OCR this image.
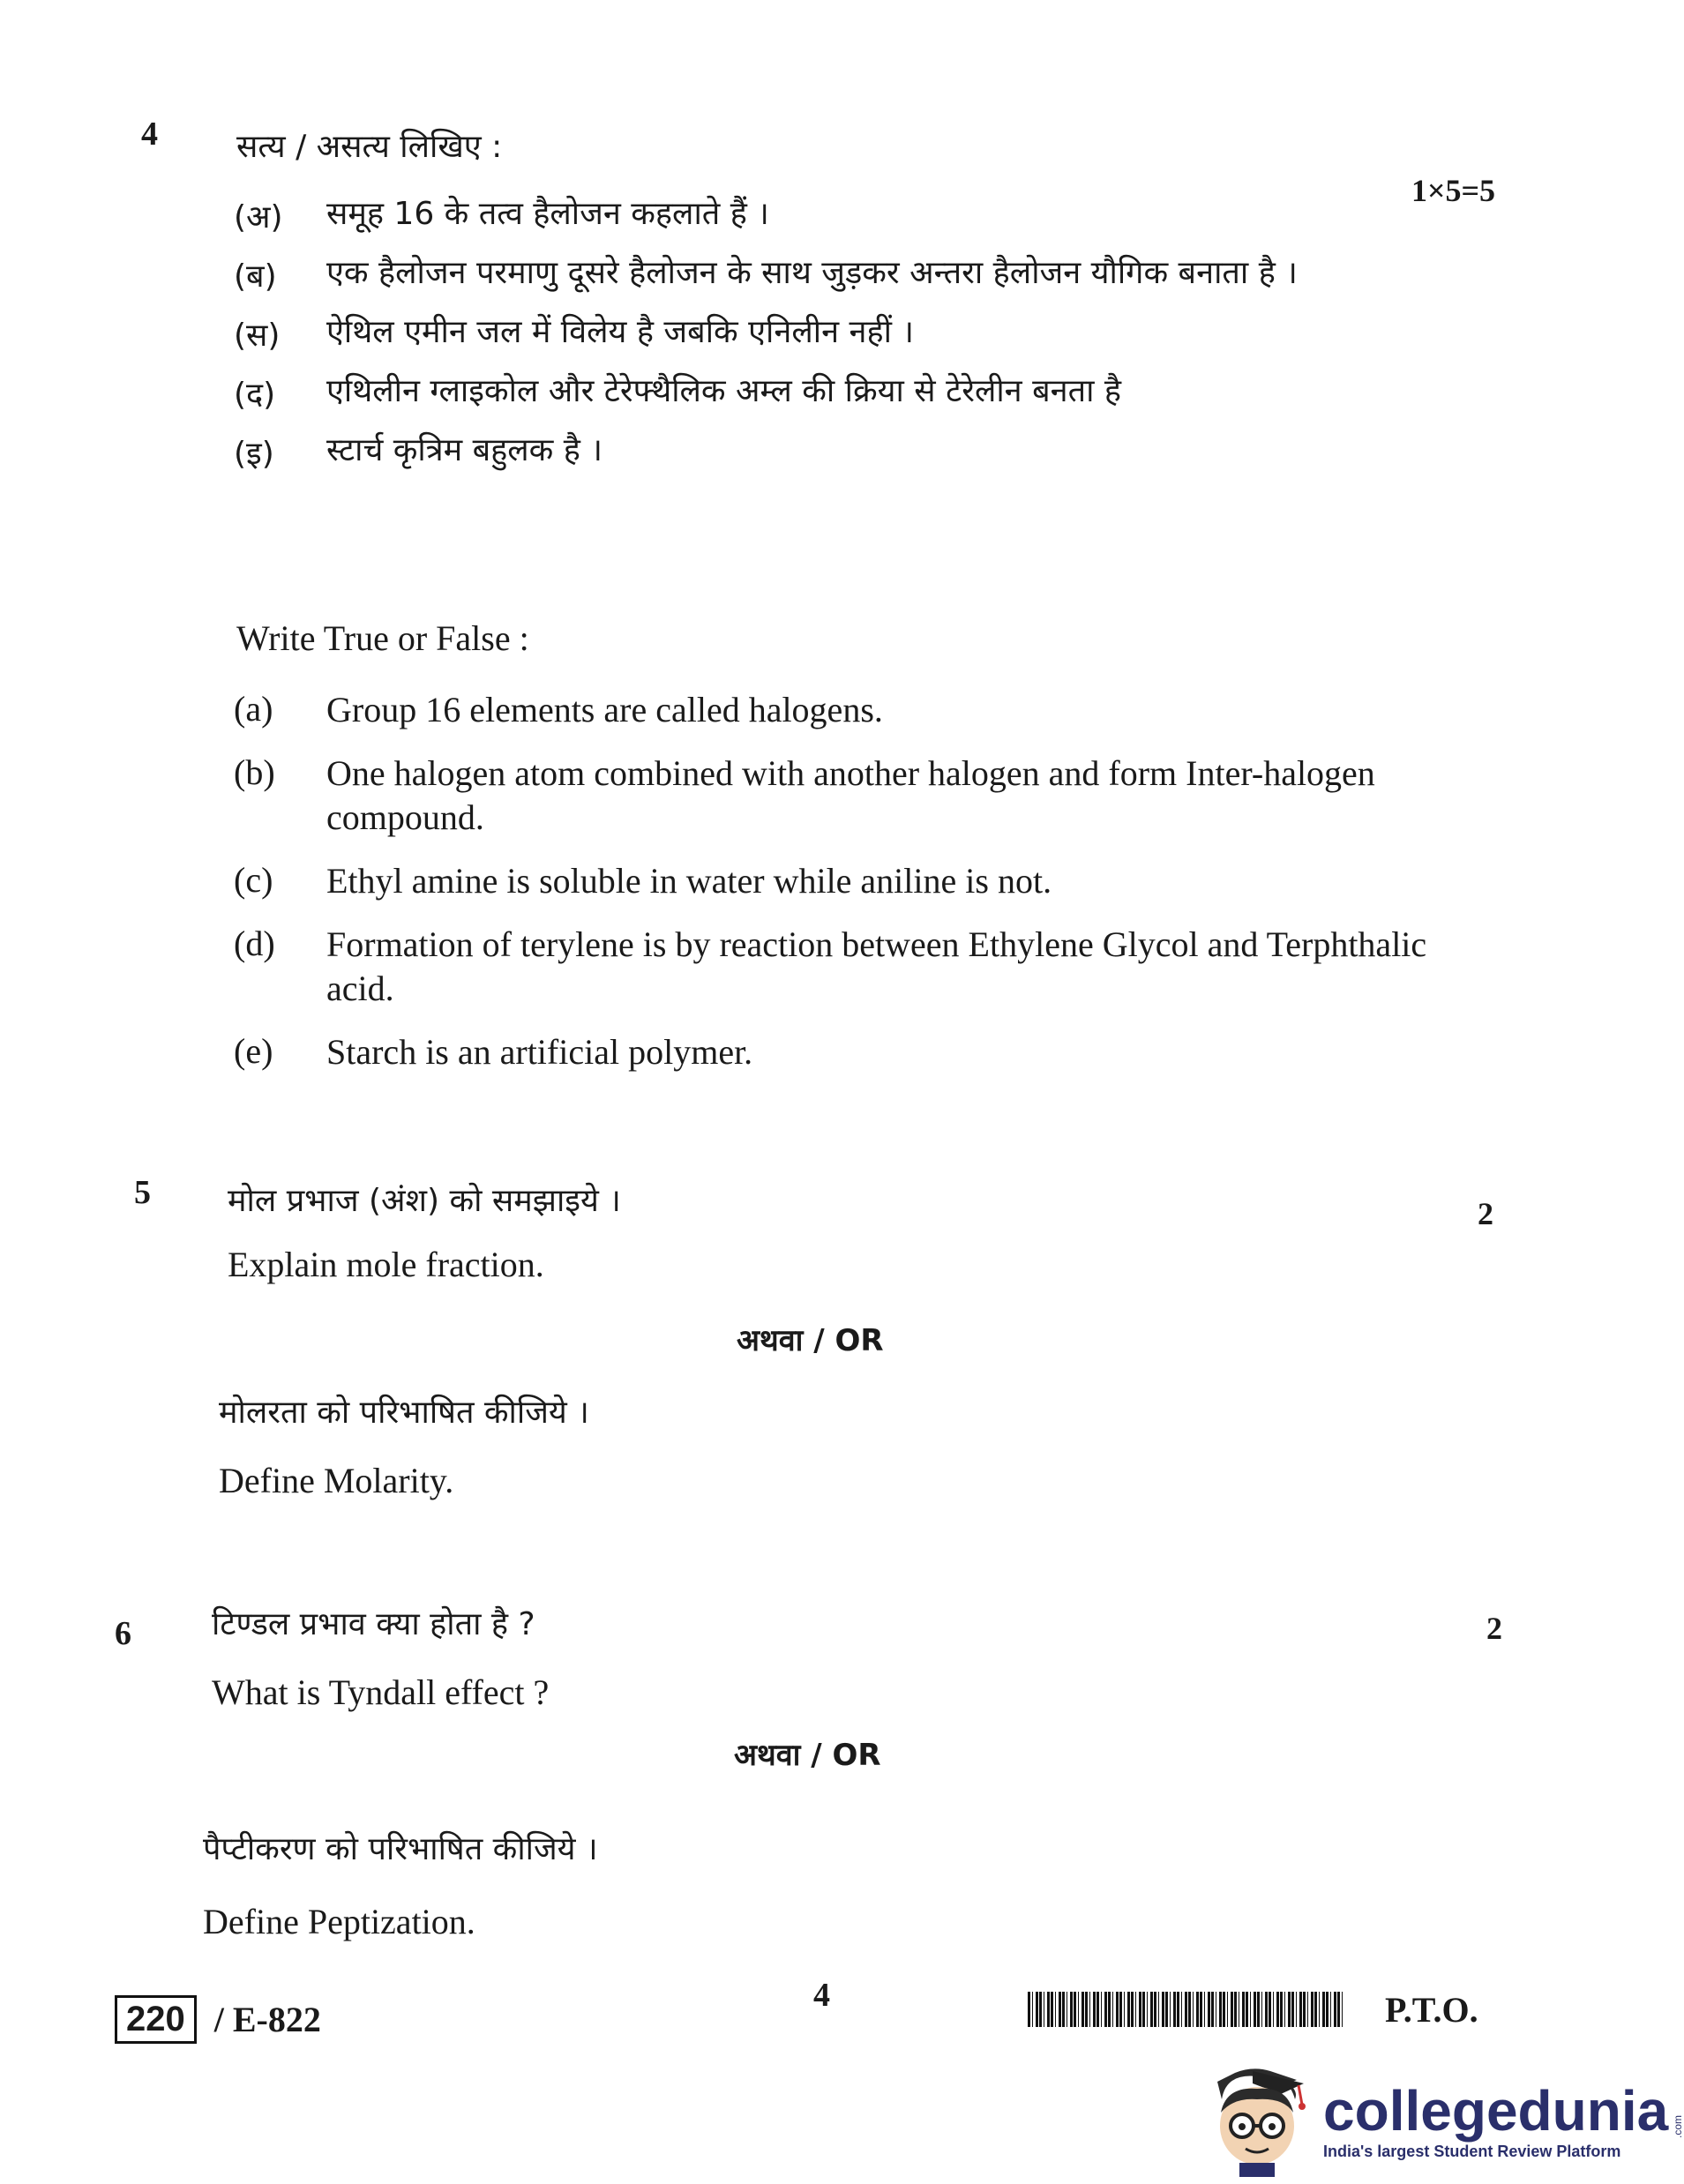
4 सत्य / असत्य लिखिए :
1×5=5
(अ)	समूह 16 के तत्व हैलोजन कहलाते हैं ।
(ब)	एक हैलोजन परमाणु दूसरे हैलोजन के साथ जुड़कर अन्तरा हैलोजन यौगिक बनाता है ।
(स)	ऐथिल एमीन जल में विलेय है जबकि एनिलीन नहीं ।
(द)	एथिलीन ग्लाइकोल और टेरेफ्थैलिक अम्ल की क्रिया से टेरेलीन बनता है
(इ)	स्टार्च कृत्रिम बहुलक है ।
Write True or False :
(a)	Group 16 elements are called halogens.
(b)	One halogen atom combined with another halogen and form Inter-halogen compound.
(c)	Ethyl amine is soluble in water while aniline is not.
(d)	Formation of terylene is by reaction between Ethylene Glycol and Terphthalic acid.
(e)	Starch is an artificial polymer.
5 मोल प्रभाज (अंश) को समझाइये ।	2
Explain mole fraction.
अथवा / OR
मोलरता को परिभाषित कीजिये ।
Define Molarity.
6	टिण्डल प्रभाव क्या होता है ?	2
What is Tyndall effect ?
अथवा / OR
पैप्टीकरण को परिभाषित कीजिये ।
Define Peptization.
220 / E-822
4	P.T.O.
collegedunia .com
India's largest Student Review Platform
